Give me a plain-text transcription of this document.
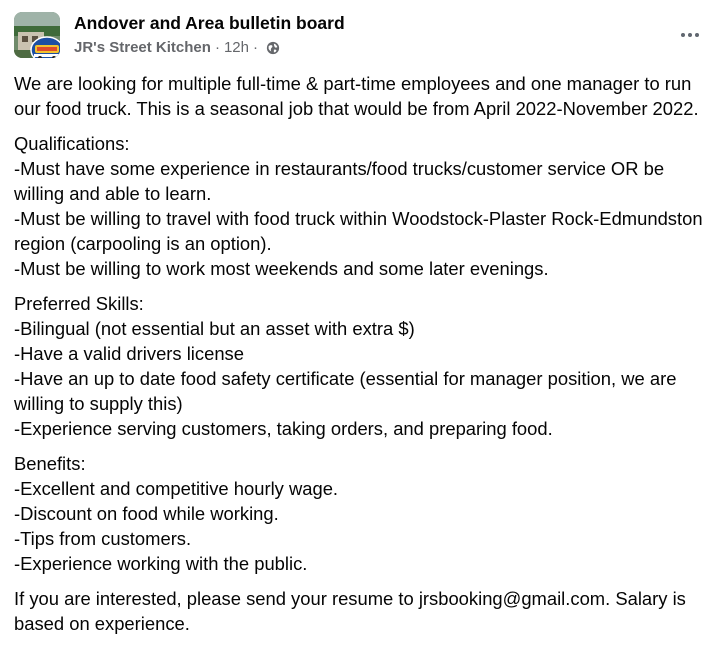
Andover and Area bulletin board
JR's Street Kitchen · 12h ·

We are looking for multiple full-time & part-time employees and one manager to run our food truck. This is a seasonal job that would be from April 2022-November 2022.

Qualifications:
-Must have some experience in restaurants/food trucks/customer service OR be willing and able to learn.
-Must be willing to travel with food truck within Woodstock-Plaster Rock-Edmundston region (carpooling is an option).
-Must be willing to work most weekends and some later evenings.

Preferred Skills:
-Bilingual (not essential but an asset with extra $)
-Have a valid drivers license
-Have an up to date food safety certificate (essential for manager position, we are willing to supply this)
-Experience serving customers, taking orders, and preparing food.

Benefits:
-Excellent and competitive hourly wage.
-Discount on food while working.
-Tips from customers.
-Experience working with the public.

If you are interested, please send your resume to jrsbooking@gmail.com. Salary is based on experience.
